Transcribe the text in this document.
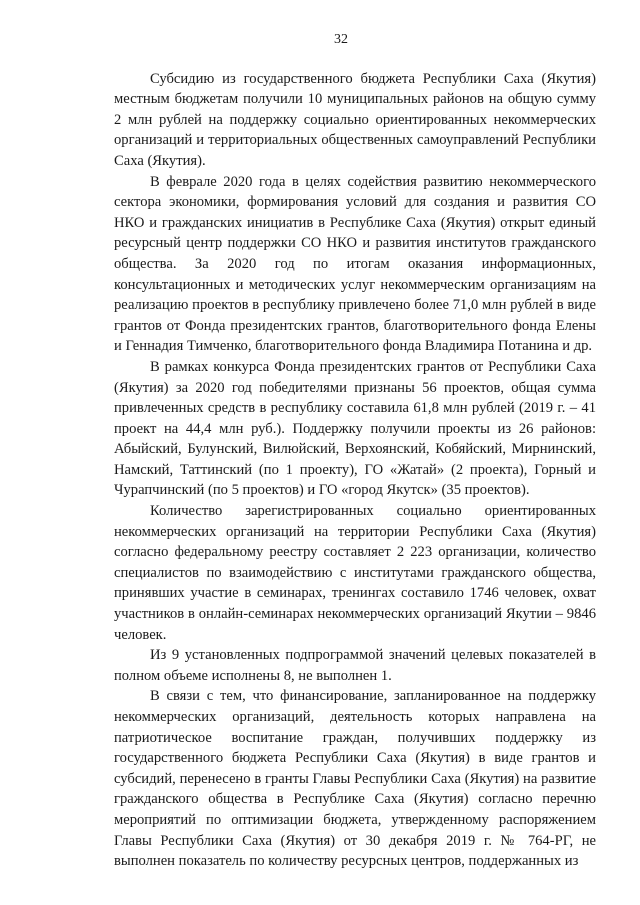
32

Субсидию из государственного бюджета Республики Саха (Якутия) местным бюджетам получили 10 муниципальных районов на общую сумму 2 млн рублей на поддержку социально ориентированных некоммерческих организаций и территориальных общественных самоуправлений Республики Саха (Якутия).

В феврале 2020 года в целях содействия развитию некоммерческого сектора экономики, формирования условий для создания и развития СО НКО и гражданских инициатив в Республике Саха (Якутия) открыт единый ресурсный центр поддержки СО НКО и развития институтов гражданского общества. За 2020 год по итогам оказания информационных, консультационных и методических услуг некоммерческим организациям на реализацию проектов в республику привлечено более 71,0 млн рублей в виде грантов от Фонда президентских грантов, благотворительного фонда Елены и Геннадия Тимченко, благотворительного фонда Владимира Потанина и др.

В рамках конкурса Фонда президентских грантов от Республики Саха (Якутия) за 2020 год победителями признаны 56 проектов, общая сумма привлеченных средств в республику составила 61,8 млн рублей (2019 г. – 41 проект на 44,4 млн руб.). Поддержку получили проекты из 26 районов: Абыйский, Булунский, Вилюйский, Верхоянский, Кобяйский, Мирнинский, Намский, Таттинский (по 1 проекту), ГО «Жатай» (2 проекта), Горный и Чурапчинский (по 5 проектов) и ГО «город Якутск» (35 проектов).

Количество зарегистрированных социально ориентированных некоммерческих организаций на территории Республики Саха (Якутия) согласно федеральному реестру составляет 2 223 организации, количество специалистов по взаимодействию с институтами гражданского общества, принявших участие в семинарах, тренингах составило 1746 человек, охват участников в онлайн-семинарах некоммерческих организаций Якутии – 9846 человек.

Из 9 установленных подпрограммой значений целевых показателей в полном объеме исполнены 8, не выполнен 1.

В связи с тем, что финансирование, запланированное на поддержку некоммерческих организаций, деятельность которых направлена на патриотическое воспитание граждан, получивших поддержку из государственного бюджета Республики Саха (Якутия) в виде грантов и субсидий, перенесено в гранты Главы Республики Саха (Якутия) на развитие гражданского общества в Республике Саха (Якутия) согласно перечню мероприятий по оптимизации бюджета, утвержденному распоряжением Главы Республики Саха (Якутия) от 30 декабря 2019 г. № 764-РГ, не выполнен показатель по количеству ресурсных центров, поддержанных из
